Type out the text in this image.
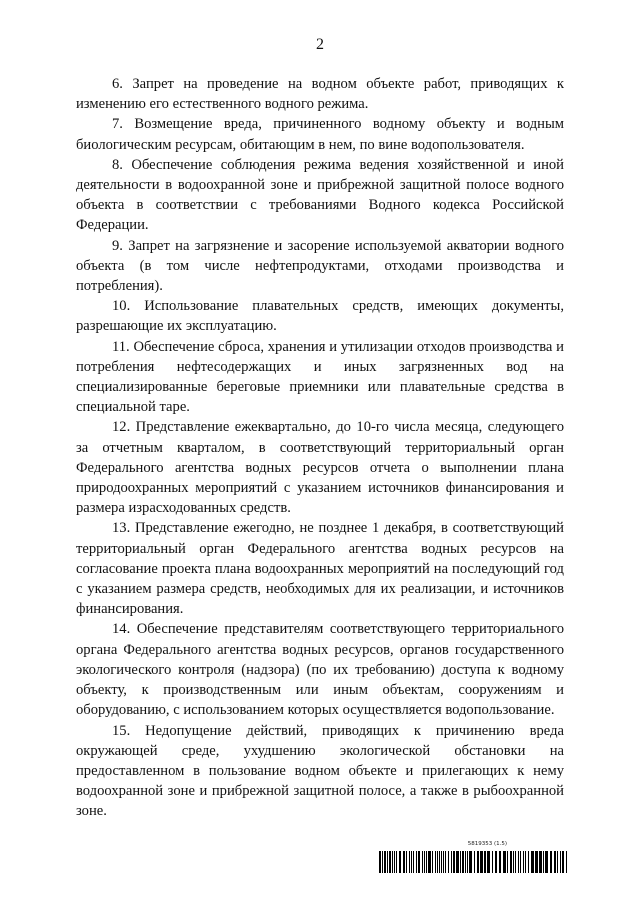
2

6. Запрет на проведение на водном объекте работ, приводящих к изменению его естественного водного режима.

7. Возмещение вреда, причиненного водному объекту и водным биологическим ресурсам, обитающим в нем, по вине водопользователя.

8. Обеспечение соблюдения режима ведения хозяйственной и иной деятельности в водоохранной зоне и прибрежной защитной полосе водного объекта в соответствии с требованиями Водного кодекса Российской Федерации.

9. Запрет на загрязнение и засорение используемой акватории водного объекта (в том числе нефтепродуктами, отходами производства и потребления).

10. Использование плавательных средств, имеющих документы, разрешающие их эксплуатацию.

11. Обеспечение сброса, хранения и утилизации отходов производства и потребления нефтесодержащих и иных загрязненных вод на специализированные береговые приемники или плавательные средства в специальной таре.

12. Представление ежеквартально, до 10-го числа месяца, следующего за отчетным кварталом, в соответствующий территориальный орган Федерального агентства водных ресурсов отчета о выполнении плана природоохранных мероприятий с указанием источников финансирования и размера израсходованных средств.

13. Представление ежегодно, не позднее 1 декабря, в соответствующий территориальный орган Федерального агентства водных ресурсов на согласование проекта плана водоохранных мероприятий на последующий год с указанием размера средств, необходимых для их реализации, и источников финансирования.

14. Обеспечение представителям соответствующего территориального органа Федерального агентства водных ресурсов, органов государственного экологического контроля (надзора) (по их требованию) доступа к водному объекту, к производственным или иным объектам, сооружениям и оборудованию, с использованием которых осуществляется водопользование.

15. Недопущение действий, приводящих к причинению вреда окружающей среде, ухудшению экологической обстановки на предоставленном в пользование водном объекте и прилегающих к нему водоохранной зоне и прибрежной защитной полосе, а также в рыбоохранной зоне.

5819353 (1.5)
